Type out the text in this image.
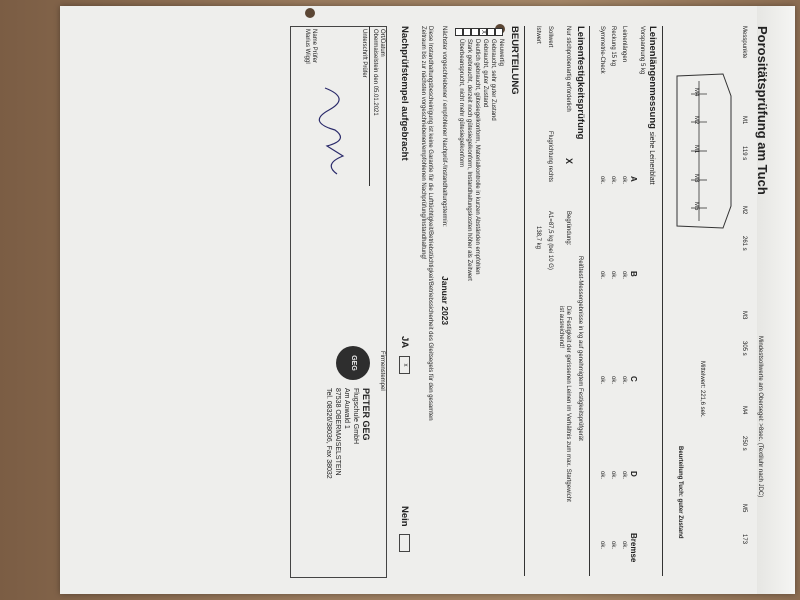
Porositätsprüfung am Tuch
Mindestsollwerte am Obersegel: >8sec. (Textiluhr nach JDC)
Messpunkte
M1
119 s
M2
261 s
M3
305 s
M4
250 s
M5
173
M4
M2
M1
M3
M5
Mittelwert: 221,6 sek.
Beurteilung Tuch: guter Zustand
Leinenlängenmessung siehe Leinenblatt
Vorspannung 5 kg
A
B
C
D
Bremse
Leinenlängen
ok.
ok.
ok.
ok.
ok.
Reckung 15 kg
ok.
ok.
ok.
ok.
ok.
Symmetrie-Check
ok.
ok.
ok.
ok.
ok.
Leinenfestigkeitsprüfung
Reißtest-Messergebnisse in kg auf genehmigtem Festigkeitsprüfgerät
Nur stichprobenartig erforderlich
X
Begründung:
Die Festigkeit der gerissenen Leinen im Verhältnis zum max. Startgewicht
ist ausreichend!
Sollwert
Flugrichtung rechts
A1=87,5 kg (bei 10 G)
Istwert
138,7 kg
BEURTEILUNG
Neuwertig
Gebraucht, sehr guter Zustand
X
Gebraucht, guter Zustand
Deutlich gebraucht, gütesiegelkonform, Materialkontrolle in kurzen Abständen empfohlen
Stark gebraucht, derzeit noch gütesiegelkonform, Instandhaltungskosten höher als Zeitwert
Überbeansprucht, nicht mehr gütesiegelkonform
Nächster vorgeschriebener / empfohlener Nachprüf-/Instandhaltungstermin:
Januar 2023
Diese Instandhaltungsbescheinigung ist keine Garantie für die Lufttüchtigkeit/Betriebstüchtigkeit/Betriebssicherheit des Gleitsegels für den gesamten
Zeitraum bis zur nächsten vorgeschriebenen/empfohlenen Nachprüfung/Instandhaltung!
Nachprüfstempel aufgebracht
JA
x
Nein
Ort/Datum
Obermaiselstein den 05.01.2021
Unterschrift Prüfer
Name Prüfer
Marius Wiggl
Firmenstempel
GEG
PETER GEG
Flugschule GmbH
Am Auwald 1
87538 OBERMAISELSTEIN
Tel. 08326/38036, Fax 38032
